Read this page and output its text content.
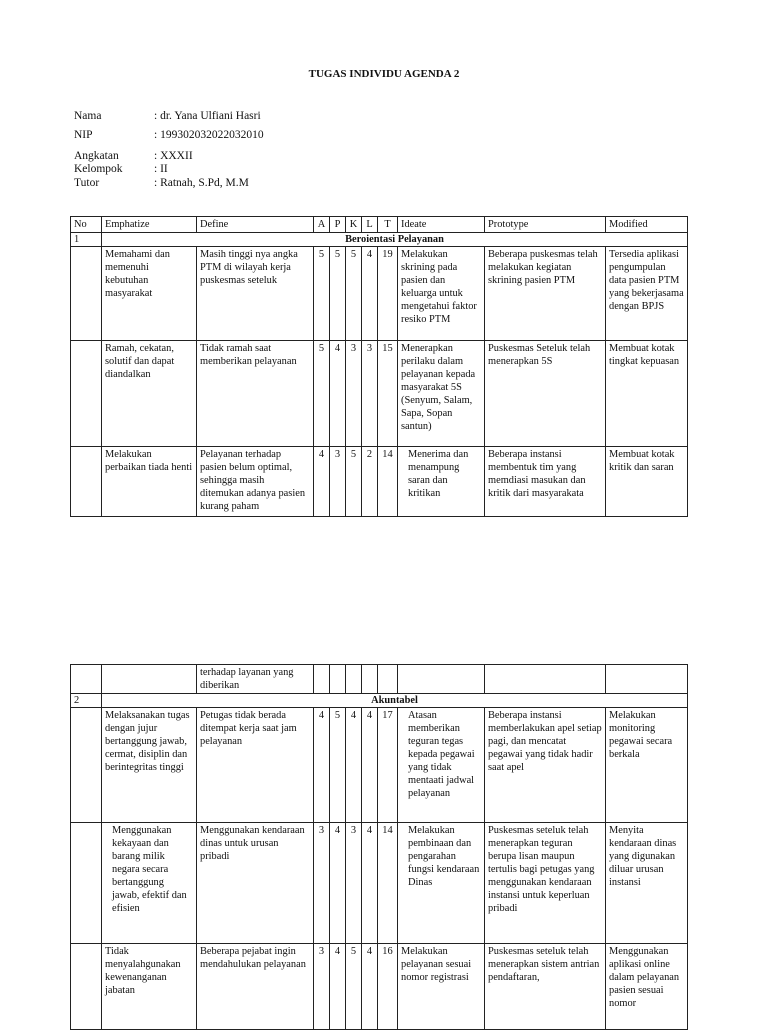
TUGAS INDIVIDU AGENDA 2
Nama	: dr. Yana Ulfiani Hasri
NIP	: 199302032022032010
Angkatan	: XXXII
Kelompok	: II
Tutor	: Ratnah, S.Pd, M.M
No	Emphatize	Define	A	P	K	L	T	Ideate	Prototype	Modified
1	Beroientasi Pelayanan									
	Memahami dan memenuhi kebutuhan masyarakat	Masih tinggi nya angka PTM di wilayah kerja puskesmas seteluk	5	5	5	4	19	Melakukan skrining pada pasien dan keluarga untuk mengetahui faktor resiko PTM	Beberapa puskesmas telah melakukan kegiatan skrining pasien PTM	Tersedia aplikasi pengumpulan data pasien PTM yang bekerjasama dengan BPJS
	Ramah, cekatan, solutif dan dapat diandalkan	Tidak ramah saat memberikan pelayanan	5	4	3	3	15	Menerapkan perilaku dalam pelayanan kepada masyarakat 5S (Senyum, Salam, Sapa, Sopan santun)	Puskesmas Seteluk telah menerapkan 5S	Membuat kotak tingkat kepuasan
	Melakukan perbaikan tiada henti	Pelayanan terhadap pasien belum optimal, sehingga masih ditemukan adanya pasien kurang paham	4	3	5	2	14	Menerima dan menampung saran dan kritikan	Beberapa instansi membentuk tim yang memdiasi masukan dan kritik dari masyarakata	Membuat kotak kritik dan saran
		terhadap layanan yang diberikan								
2	Akuntabel									
	Melaksanakan tugas dengan jujur bertanggung jawab, cermat, disiplin dan berintegritas tinggi	Petugas tidak berada ditempat kerja saat jam pelayanan	4	5	4	4	17	Atasan memberikan teguran tegas kepada pegawai yang tidak mentaati jadwal pelayanan	Beberapa instansi memberlakukan apel setiap pagi, dan mencatat pegawai yang tidak hadir saat apel	Melakukan monitoring pegawai secara berkala
	Menggunakan kekayaan dan barang milik negara secara bertanggung jawab, efektif dan efisien	Menggunakan kendaraan dinas untuk urusan pribadi	3	4	3	4	14	Melakukan pembinaan dan pengarahan fungsi kendaraan Dinas	Puskesmas seteluk telah menerapkan teguran berupa lisan maupun tertulis bagi petugas yang menggunakan kendaraan instansi untuk keperluan pribadi	Menyita kendaraan dinas yang digunakan diluar urusan instansi
	Tidak menyalahgunakan kewenanganan jabatan	Beberapa pejabat ingin mendahulukan pelayanan	3	4	5	4	16	Melakukan pelayanan sesuai nomor registrasi	Puskesmas seteluk telah menerapkan sistem antrian pendaftaran,	Menggunakan aplikasi online dalam pelayanan pasien sesuai nomor
